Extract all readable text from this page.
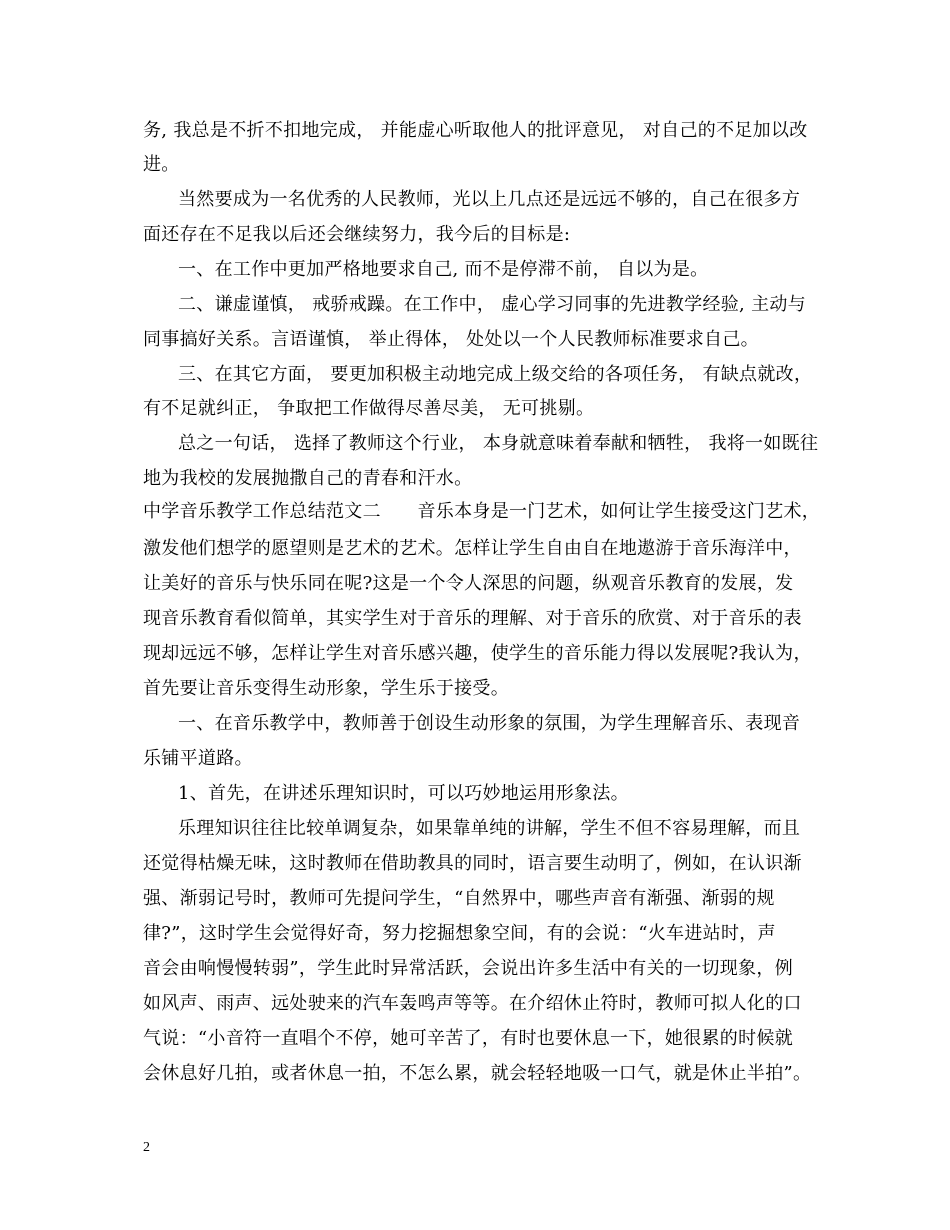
务, 我总是不折不扣地完成， 并能虚心听取他人的批评意见， 对自己的不足加以改
进。
当然要成为一名优秀的人民教师，光以上几点还是远远不够的，自己在很多方
面还存在不足我以后还会继续努力，我今后的目标是:
一、在工作中更加严格地要求自己, 而不是停滞不前， 自以为是。
二、谦虚谨慎， 戒骄戒躁。在工作中， 虚心学习同事的先进教学经验, 主动与
同事搞好关系。言语谨慎， 举止得体， 处处以一个人民教师标准要求自己。
三、在其它方面， 要更加积极主动地完成上级交给的各项任务， 有缺点就改，
有不足就纠正， 争取把工作做得尽善尽美， 无可挑剔。
总之一句话， 选择了教师这个行业， 本身就意味着奉献和牺牲， 我将一如既往
地为我校的发展抛撒自己的青春和汗水。
中学音乐教学工作总结范文二　　音乐本身是一门艺术，如何让学生接受这门艺术，
激发他们想学的愿望则是艺术的艺术。怎样让学生自由自在地遨游于音乐海洋中，
让美好的音乐与快乐同在呢?这是一个令人深思的问题，纵观音乐教育的发展，发
现音乐教育看似简单，其实学生对于音乐的理解、对于音乐的欣赏、对于音乐的表
现却远远不够，怎样让学生对音乐感兴趣，使学生的音乐能力得以发展呢?我认为，
首先要让音乐变得生动形象，学生乐于接受。
一、在音乐教学中，教师善于创设生动形象的氛围，为学生理解音乐、表现音
乐铺平道路。
1、首先，在讲述乐理知识时，可以巧妙地运用形象法。
乐理知识往往比较单调复杂，如果靠单纯的讲解，学生不但不容易理解，而且
还觉得枯燥无味，这时教师在借助教具的同时，语言要生动明了，例如，在认识渐
强、渐弱记号时，教师可先提问学生，“自然界中，哪些声音有渐强、渐弱的规
律?”，这时学生会觉得好奇，努力挖掘想象空间，有的会说：“火车进站时，声
音会由响慢慢转弱”，学生此时异常活跃，会说出许多生活中有关的一切现象，例
如风声、雨声、远处驶来的汽车轰鸣声等等。在介绍休止符时，教师可拟人化的口
气说：“小音符一直唱个不停，她可辛苦了，有时也要休息一下，她很累的时候就
会休息好几拍，或者休息一拍，不怎么累，就会轻轻地吸一口气，就是休止半拍”。
2
